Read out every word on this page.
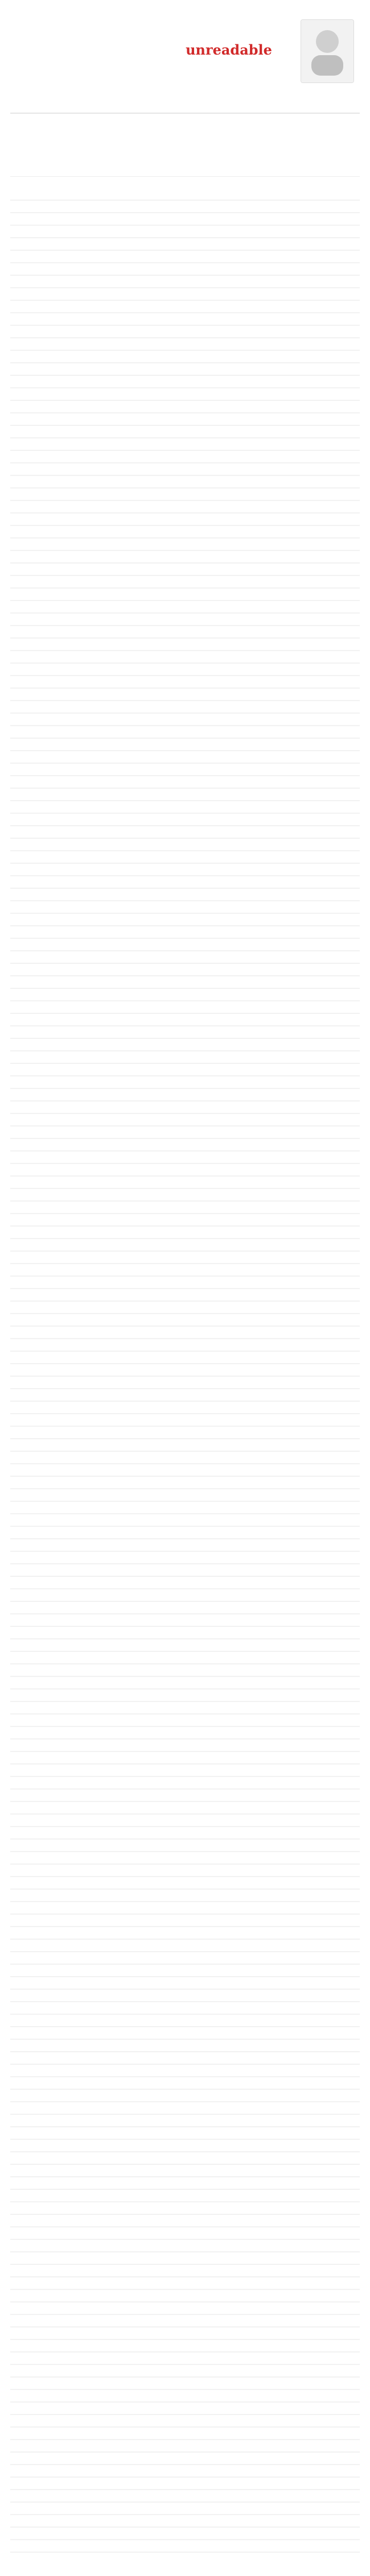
unreadable
